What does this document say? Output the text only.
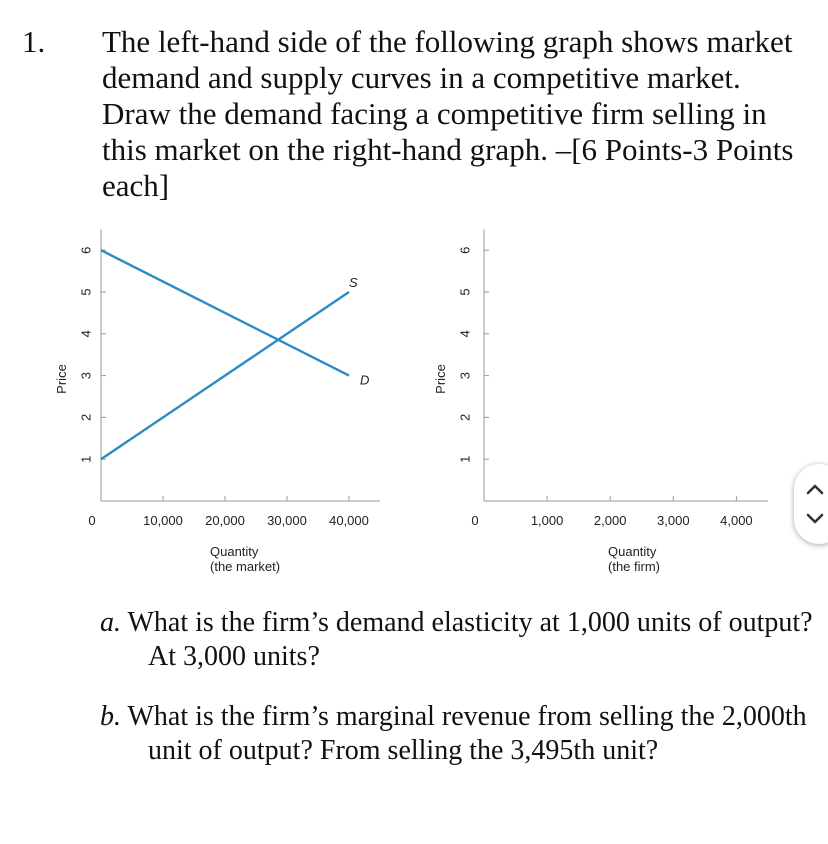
1. The left-hand side of the following graph shows market demand and supply curves in a competitive market. Draw the demand facing a competitive firm selling in this market on the right-hand graph. –[6 Points-3 Points each]
1
2
3
4
5
6
10,000 20,000 30,000 40,000
0
Price
Quantity
(the market)
D
S
1
2
3
4
5
6
1,000 2,000 3,000 4,000
0
Price
Quantity
(the firm)
a. What is the firm’s demand elasticity at 1,000 units of output? At 3,000 units?
b. What is the firm’s marginal revenue from selling the 2,000th unit of output? From selling the 3,495th unit?
